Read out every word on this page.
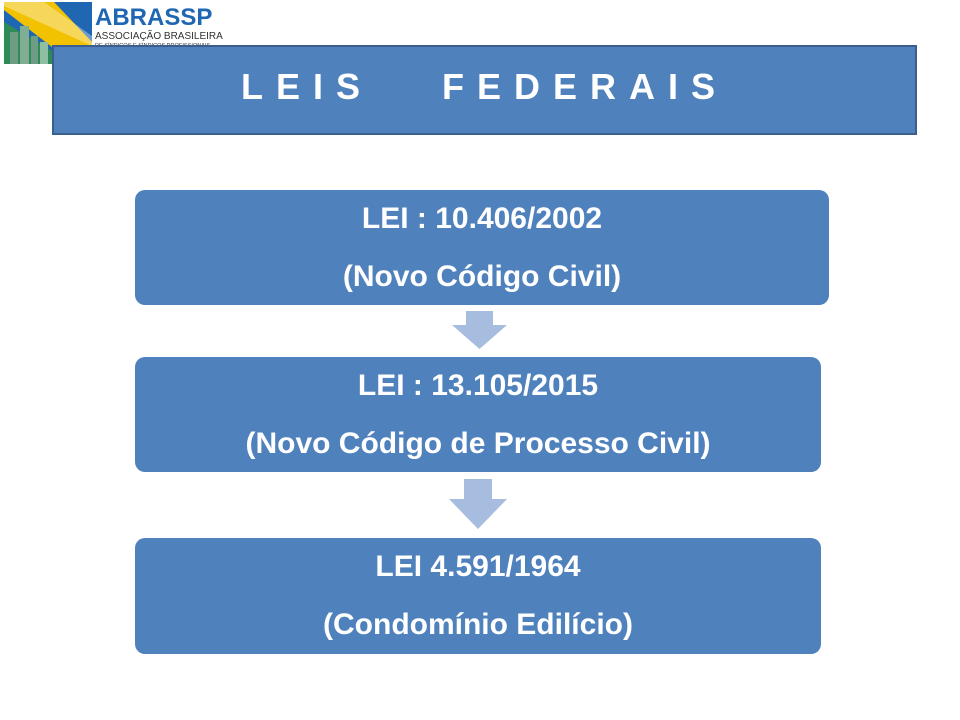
ABRASSP
ASSOCIAÇÃO BRASILEIRA
LEIS   FEDERAIS
LEI : 10.406/2002
(Novo Código Civil)
LEI : 13.105/2015
(Novo Código de Processo Civil)
LEI 4.591/1964
(Condomínio Edilício)
